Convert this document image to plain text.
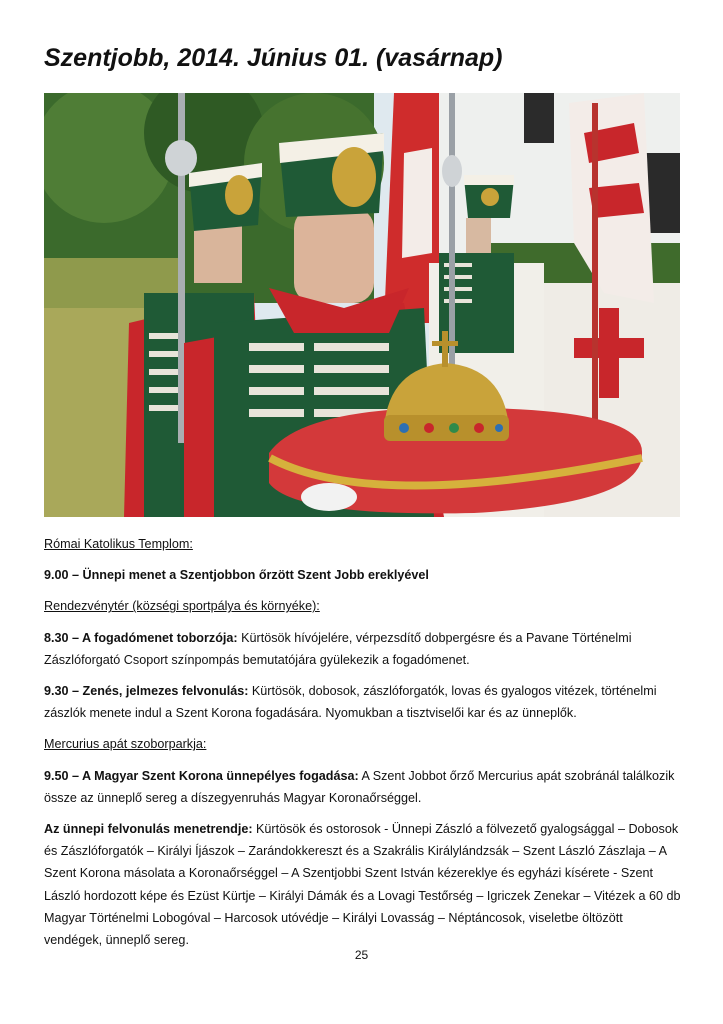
Szentjobb, 2014. Június 01. (vasárnap)

Római Katolikus Templom:

9.00 – Ünnepi menet a Szentjobbon őrzött Szent Jobb ereklyével

Rendezvénytér (községi sportpálya és környéke):

8.30 – A fogadómenet toborzója: Kürtösök hívójelére, vérpezsdítő dobpergésre és a Pavane Történelmi Zászlóforgató Csoport színpompás bemutatójára gyülekezik a fogadómenet.

9.30 – Zenés, jelmezes felvonulás: Kürtösök, dobosok, zászlóforgatók, lovas és gyalogos vitézek, történelmi zászlók menete indul a Szent Korona fogadására. Nyomukban a tisztviselői kar és az ünneplők.

Mercurius apát szoborparkja:

9.50 – A Magyar Szent Korona ünnepélyes fogadása: A Szent Jobbot őrző Mercurius apát szobránál találkozik össze az ünneplő sereg a díszegyenruhás Magyar Koronaőrséggel.

Az ünnepi felvonulás menetrendje: Kürtösök és ostorosok - Ünnepi Zászló a fölvezető gyalogsággal – Dobosok és Zászlóforgatók – Királyi Íjászok – Zarándokkereszt és a Szakrális Királylándzsák – Szent László Zászlaja – A Szent Korona másolata a Koronaőrséggel – A Szentjobbi Szent István kézereklye és egyházi kísérete - Szent László hordozott képe és Ezüst Kürtje – Királyi Dámák és a Lovagi Testőrség – Igriczek Zenekar – Vitézek a 60 db Magyar Történelmi Lobogóval – Harcosok utóvédje – Királyi Lovasság – Néptáncosok, viseletbe öltözött vendégek, ünneplő sereg.

25
